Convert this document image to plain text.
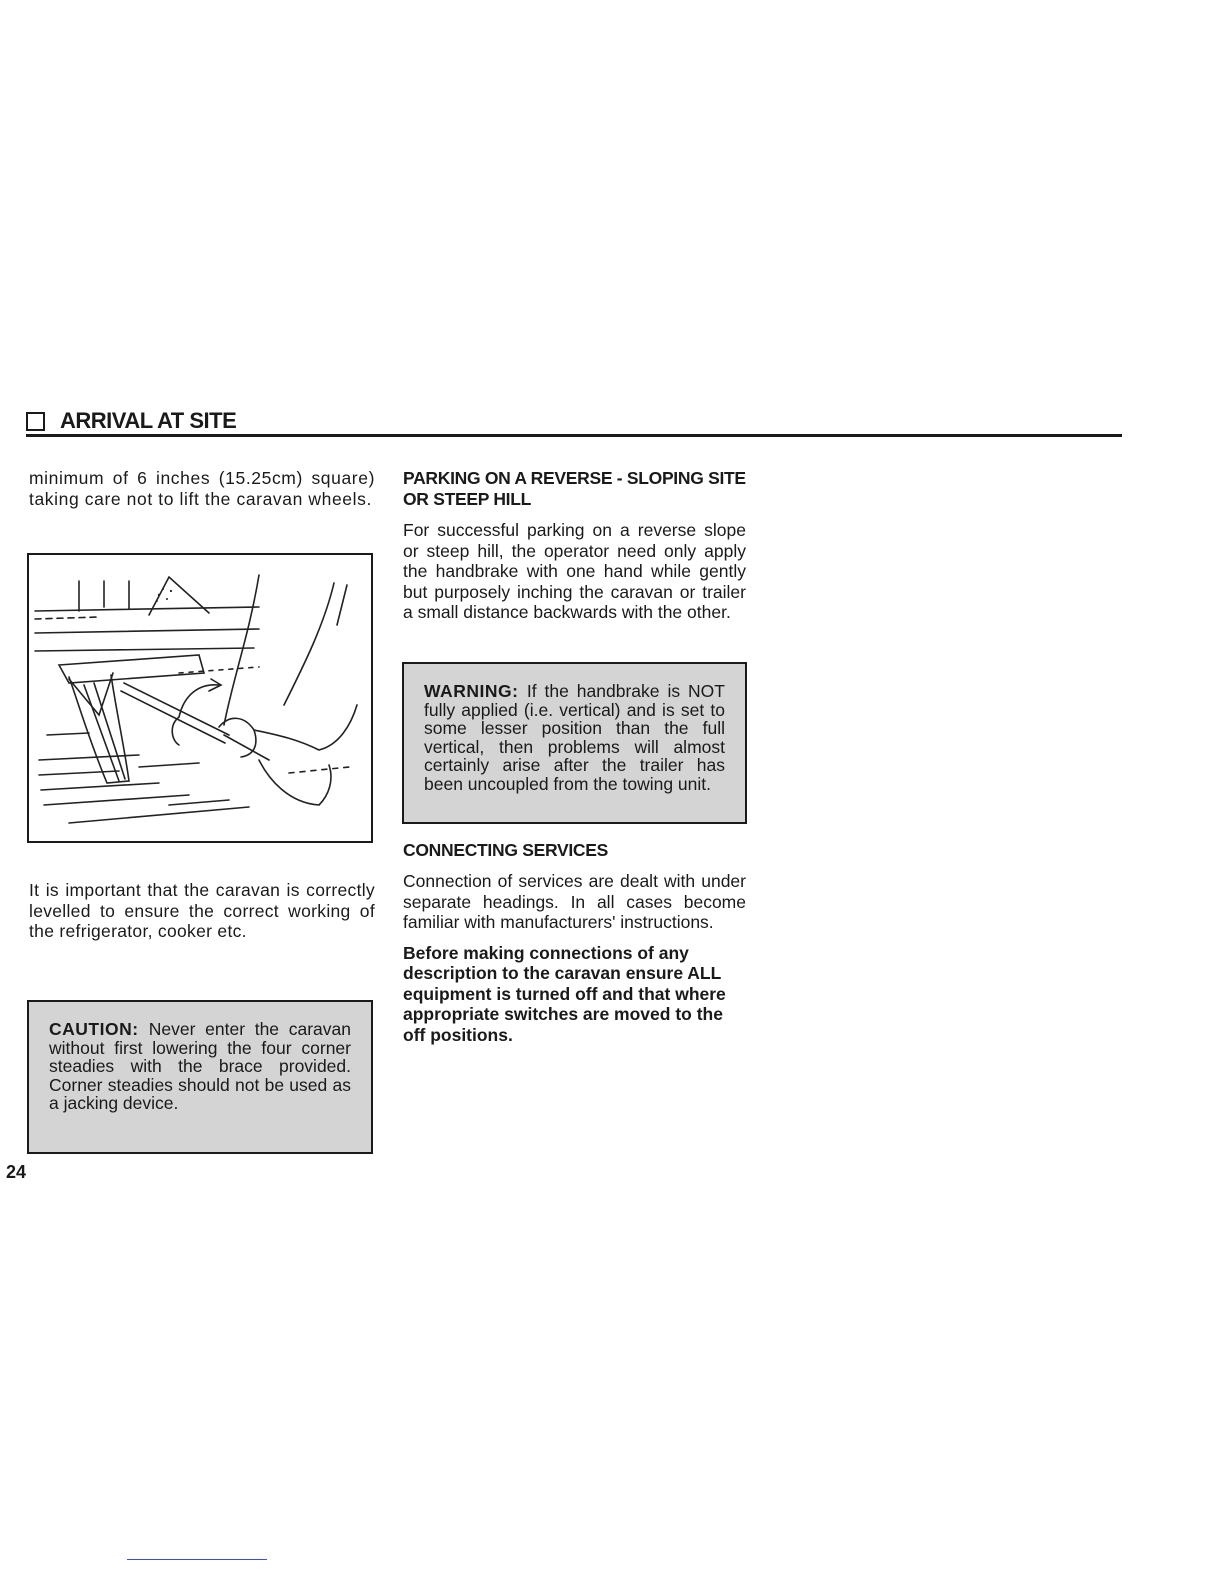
ARRIVAL AT SITE

minimum of 6 inches (15.25cm) square) taking care not to lift the caravan wheels.

It is important that the caravan is correctly levelled to ensure the correct working of the refrigerator, cooker etc.

CAUTION: Never enter the caravan without first lowering the four corner steadies with the brace provided. Corner steadies should not be used as a jacking device.

PARKING ON A REVERSE - SLOPING SITE OR STEEP HILL

For successful parking on a reverse slope or steep hill, the operator need only apply the handbrake with one hand while gently but purposely inching the caravan or trailer a small distance backwards with the other.

WARNING: If the handbrake is NOT fully applied (i.e. vertical) and is set to some lesser position than the full vertical, then problems will almost certainly arise after the trailer has been uncoupled from the towing unit.

CONNECTING SERVICES

Connection of services are dealt with under separate headings. In all cases become familiar with manufacturers' instructions.

Before making connections of any description to the caravan ensure ALL equipment is turned off and that where appropriate switches are moved to the off positions.

24
